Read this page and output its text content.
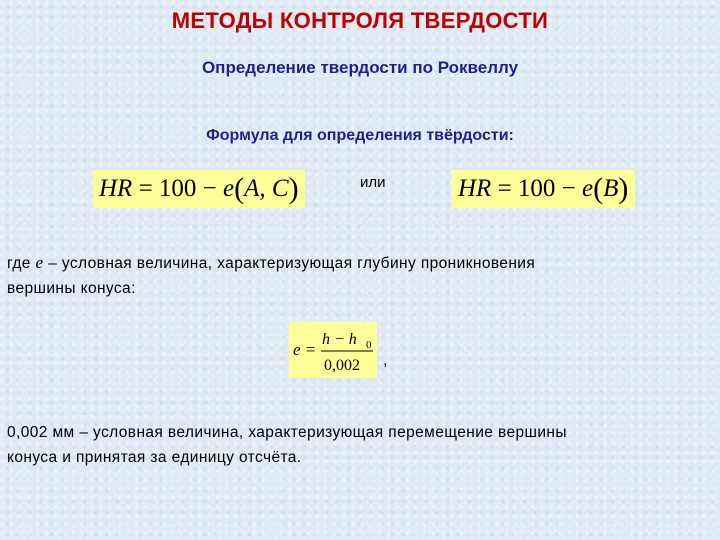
МЕТОДЫ КОНТРОЛЯ ТВЕРДОСТИ
Определение твердости по Роквеллу
Формула для определения твёрдости:
HR = 100 − e(A, C)	или	HR = 100 − e(B)
где e – условная величина, характеризующая глубину проникновения
вершины конуса:
e =
h − h 0
0,002 ,
0,002 мм – условная величина, характеризующая перемещение вершины
конуса и принятая за единицу отсчёта.
